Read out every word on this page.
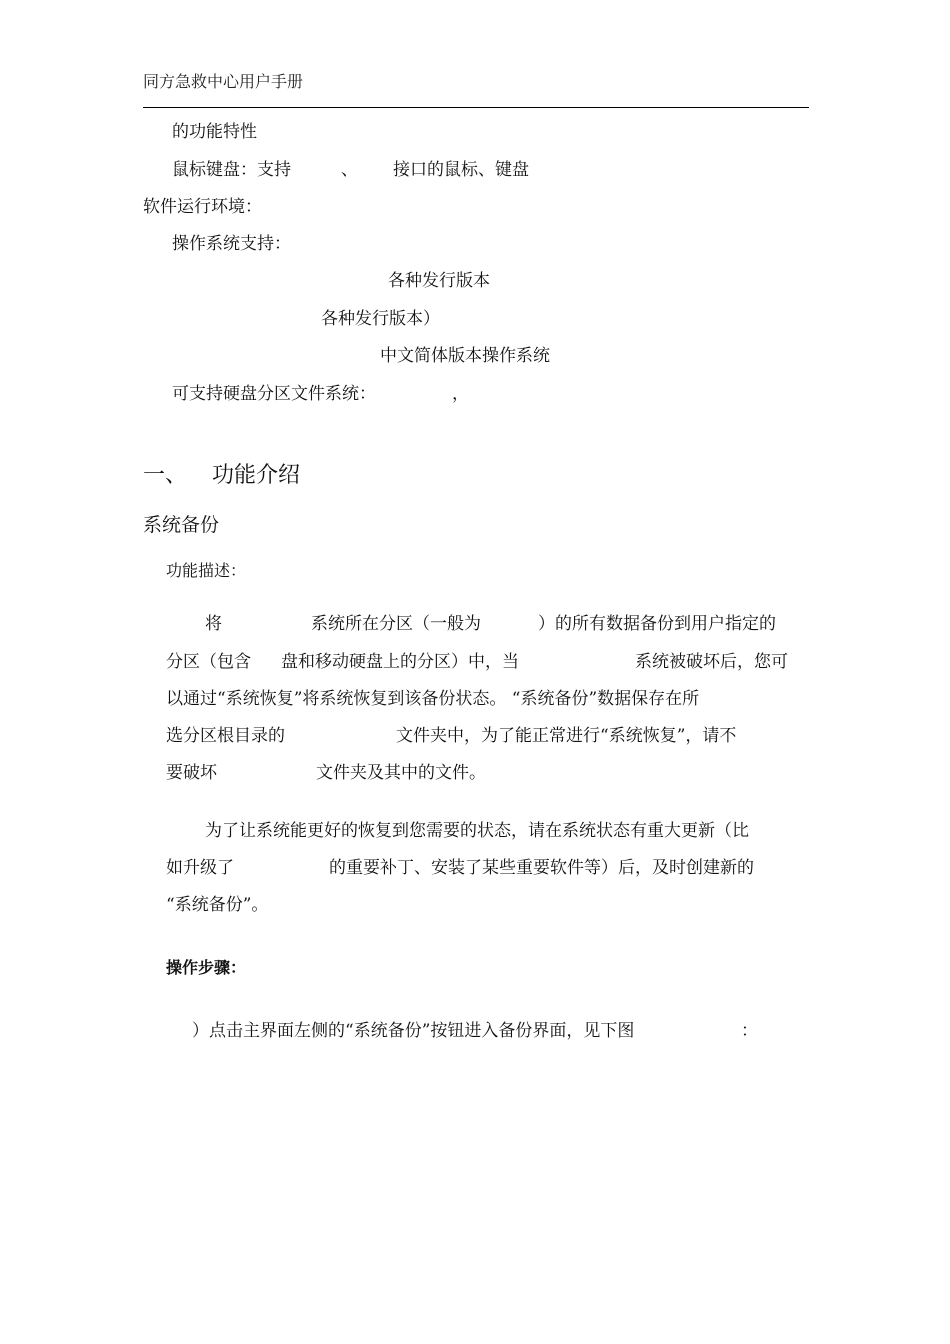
同方急救中心用户手册
的功能特性
鼠标键盘：支持	、 接口的鼠标、键盘
软件运行环境：
操作系统支持：
各种发行版本
各种发行版本）
中文简体版本操作系统
可支持硬盘分区文件系统：	，
一、 功能介绍
系统备份
功能描述：
将	系统所在分区（一般为	）的所有数据备份到用户指定的
分区（包含 盘和移动硬盘上的分区）中，当	系统被破坏后，您可
以通过“系统恢复”将系统恢复到该备份状态。 “系统备份”数据保存在所
选分区根目录的	文件夹中，为了能正常进行“系统恢复”，请不
要破坏	文件夹及其中的文件。
为了让系统能更好的恢复到您需要的状态，请在系统状态有重大更新（比
如升级了	的重要补丁、安装了某些重要软件等）后，及时创建新的
“系统备份”。
操作步骤：
）点击主界面左侧的“系统备份”按钮进入备份界面，见下图	：
